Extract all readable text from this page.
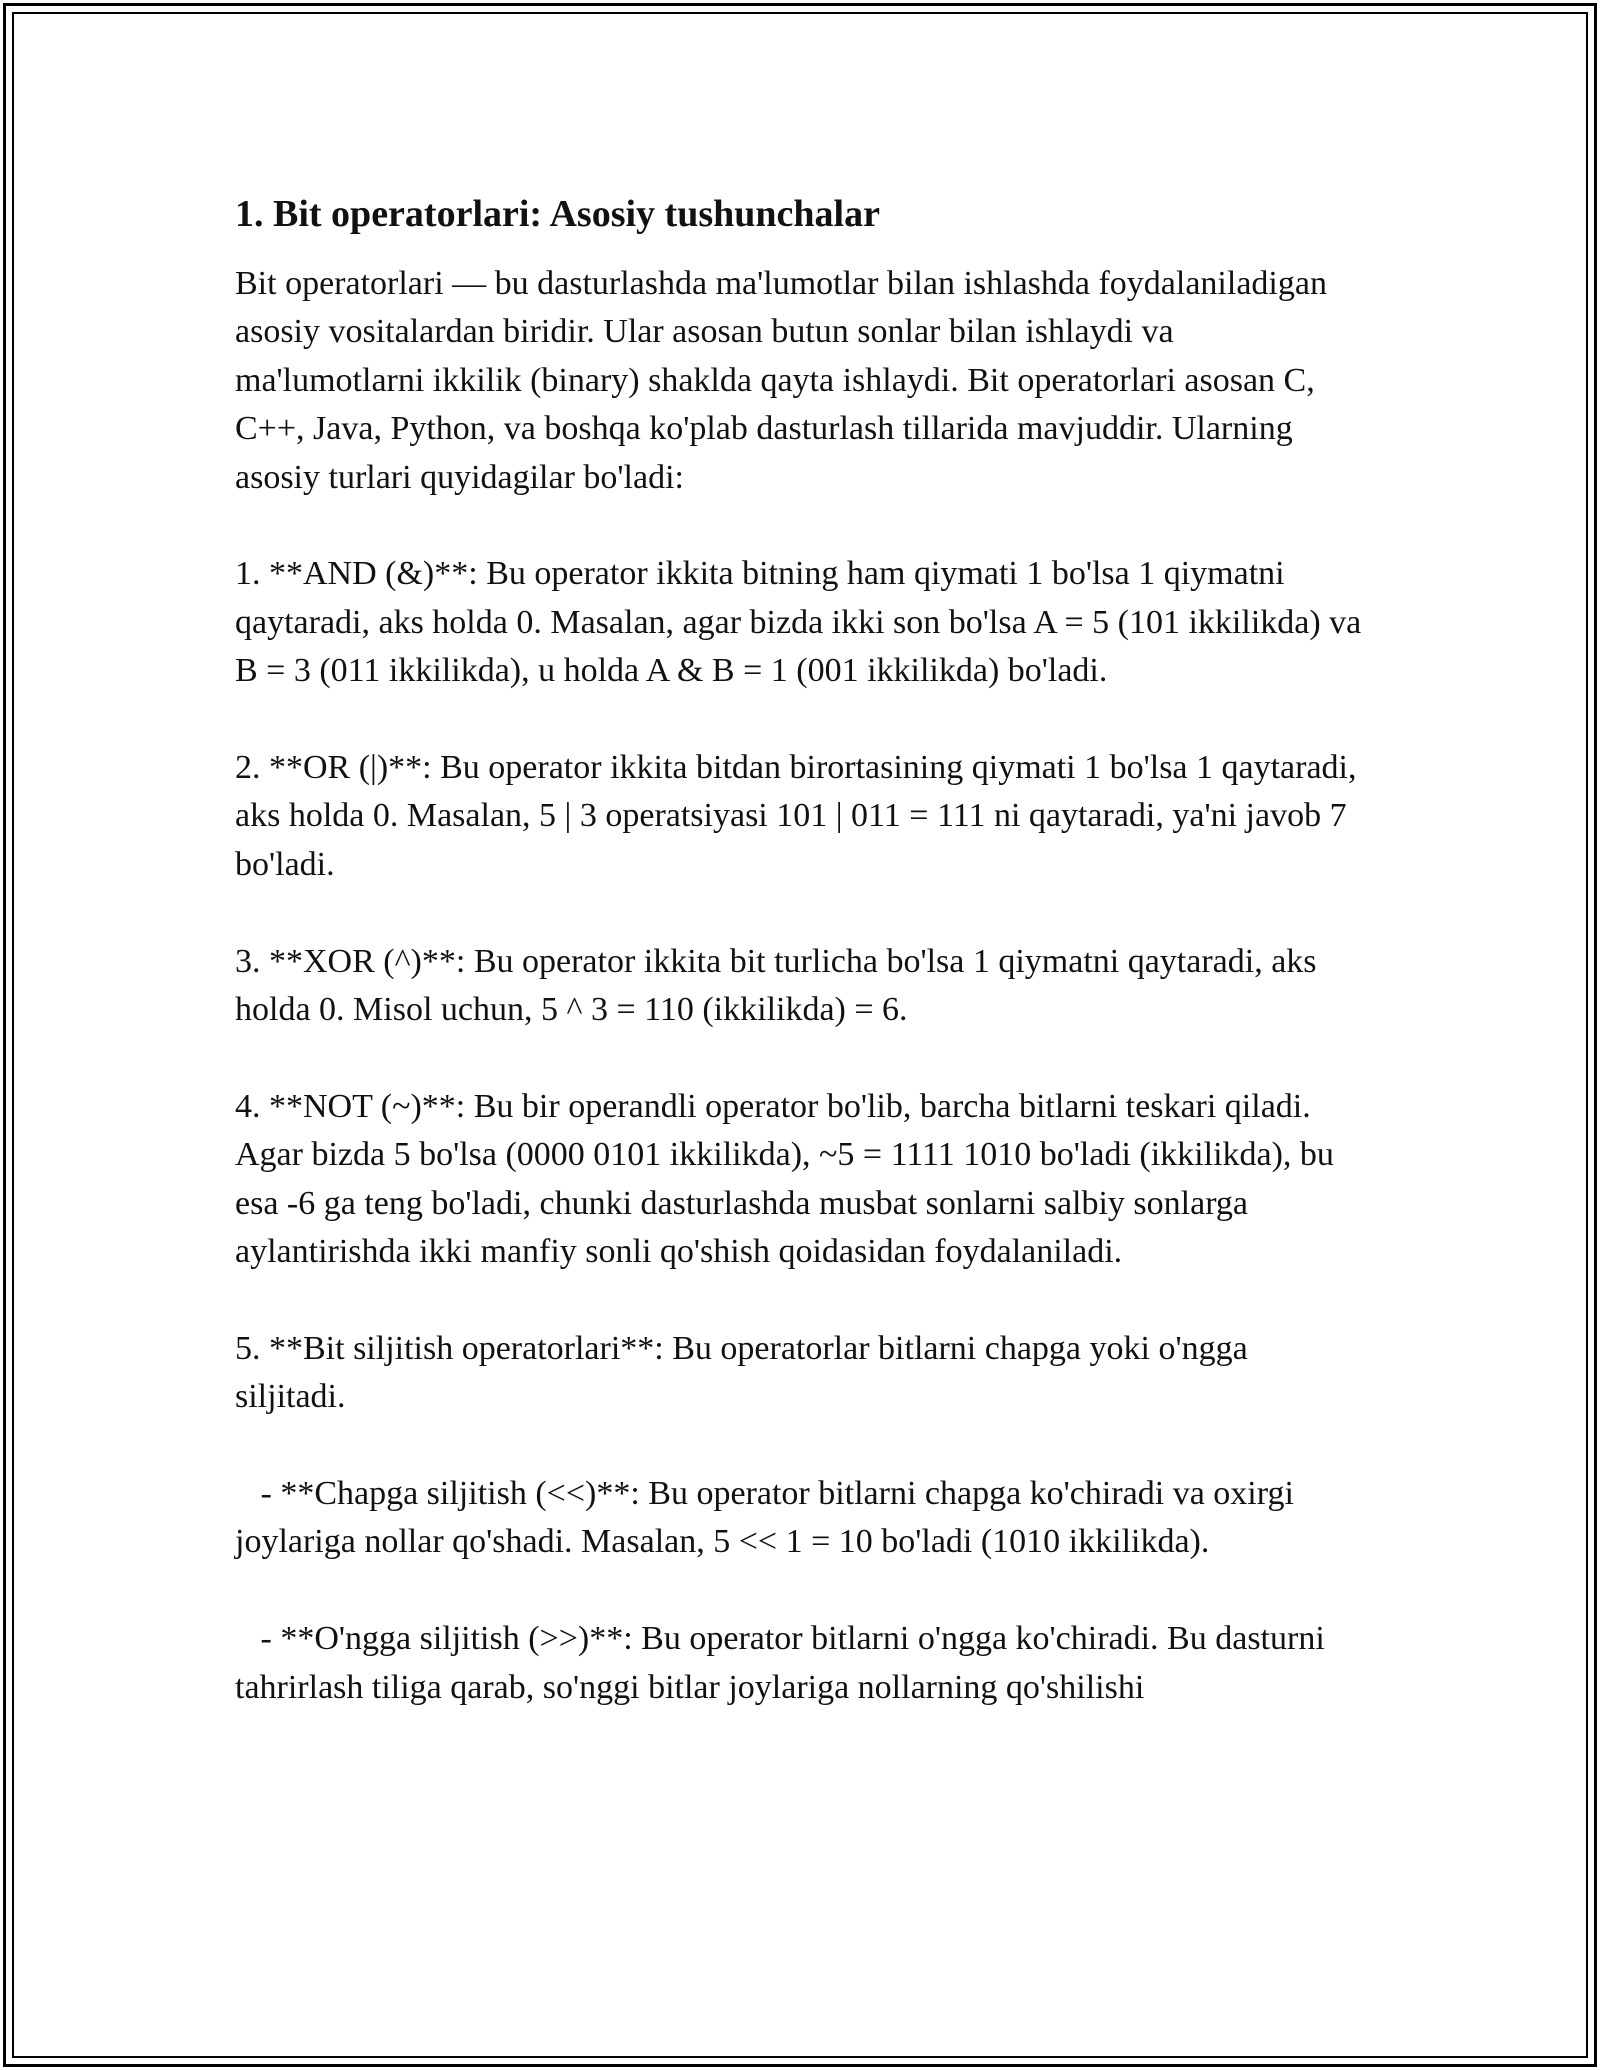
1. Bit operatorlari: Asosiy tushunchalar

Bit operatorlari — bu dasturlashda ma'lumotlar bilan ishlashda foydalaniladigan asosiy vositalardan biridir. Ular asosan butun sonlar bilan ishlaydi va ma'lumotlarni ikkilik (binary) shaklda qayta ishlaydi. Bit operatorlari asosan C, C++, Java, Python, va boshqa ko'plab dasturlash tillarida mavjuddir. Ularning asosiy turlari quyidagilar bo'ladi:

1. **AND (&)**: Bu operator ikkita bitning ham qiymati 1 bo'lsa 1 qiymatni qaytaradi, aks holda 0. Masalan, agar bizda ikki son bo'lsa A = 5 (101 ikkilikda) va B = 3 (011 ikkilikda), u holda A & B = 1 (001 ikkilikda) bo'ladi.

2. **OR (|)**: Bu operator ikkita bitdan birortasining qiymati 1 bo'lsa 1 qaytaradi, aks holda 0. Masalan, 5 | 3 operatsiyasi 101 | 011 = 111 ni qaytaradi, ya'ni javob 7 bo'ladi.

3. **XOR (^)**: Bu operator ikkita bit turlicha bo'lsa 1 qiymatni qaytaradi, aks holda 0. Misol uchun, 5 ^ 3 = 110 (ikkilikda) = 6.

4. **NOT (~)**: Bu bir operandli operator bo'lib, barcha bitlarni teskari qiladi. Agar bizda 5 bo'lsa (0000 0101 ikkilikda), ~5 = 1111 1010 bo'ladi (ikkilikda), bu esa -6 ga teng bo'ladi, chunki dasturlashda musbat sonlarni salbiy sonlarga aylantirishda ikki manfiy sonli qo'shish qoidasidan foydalaniladi.

5. **Bit siljitish operatorlari**: Bu operatorlar bitlarni chapga yoki o'ngga siljitadi.

- **Chapga siljitish (<<)**: Bu operator bitlarni chapga ko'chiradi va oxirgi joylariga nollar qo'shadi. Masalan, 5 << 1 = 10 bo'ladi (1010 ikkilikda).

- **O'ngga siljitish (>>)**: Bu operator bitlarni o'ngga ko'chiradi. Bu dasturni tahrirlash tiliga qarab, so'nggi bitlar joylariga nollarning qo'shilishi
